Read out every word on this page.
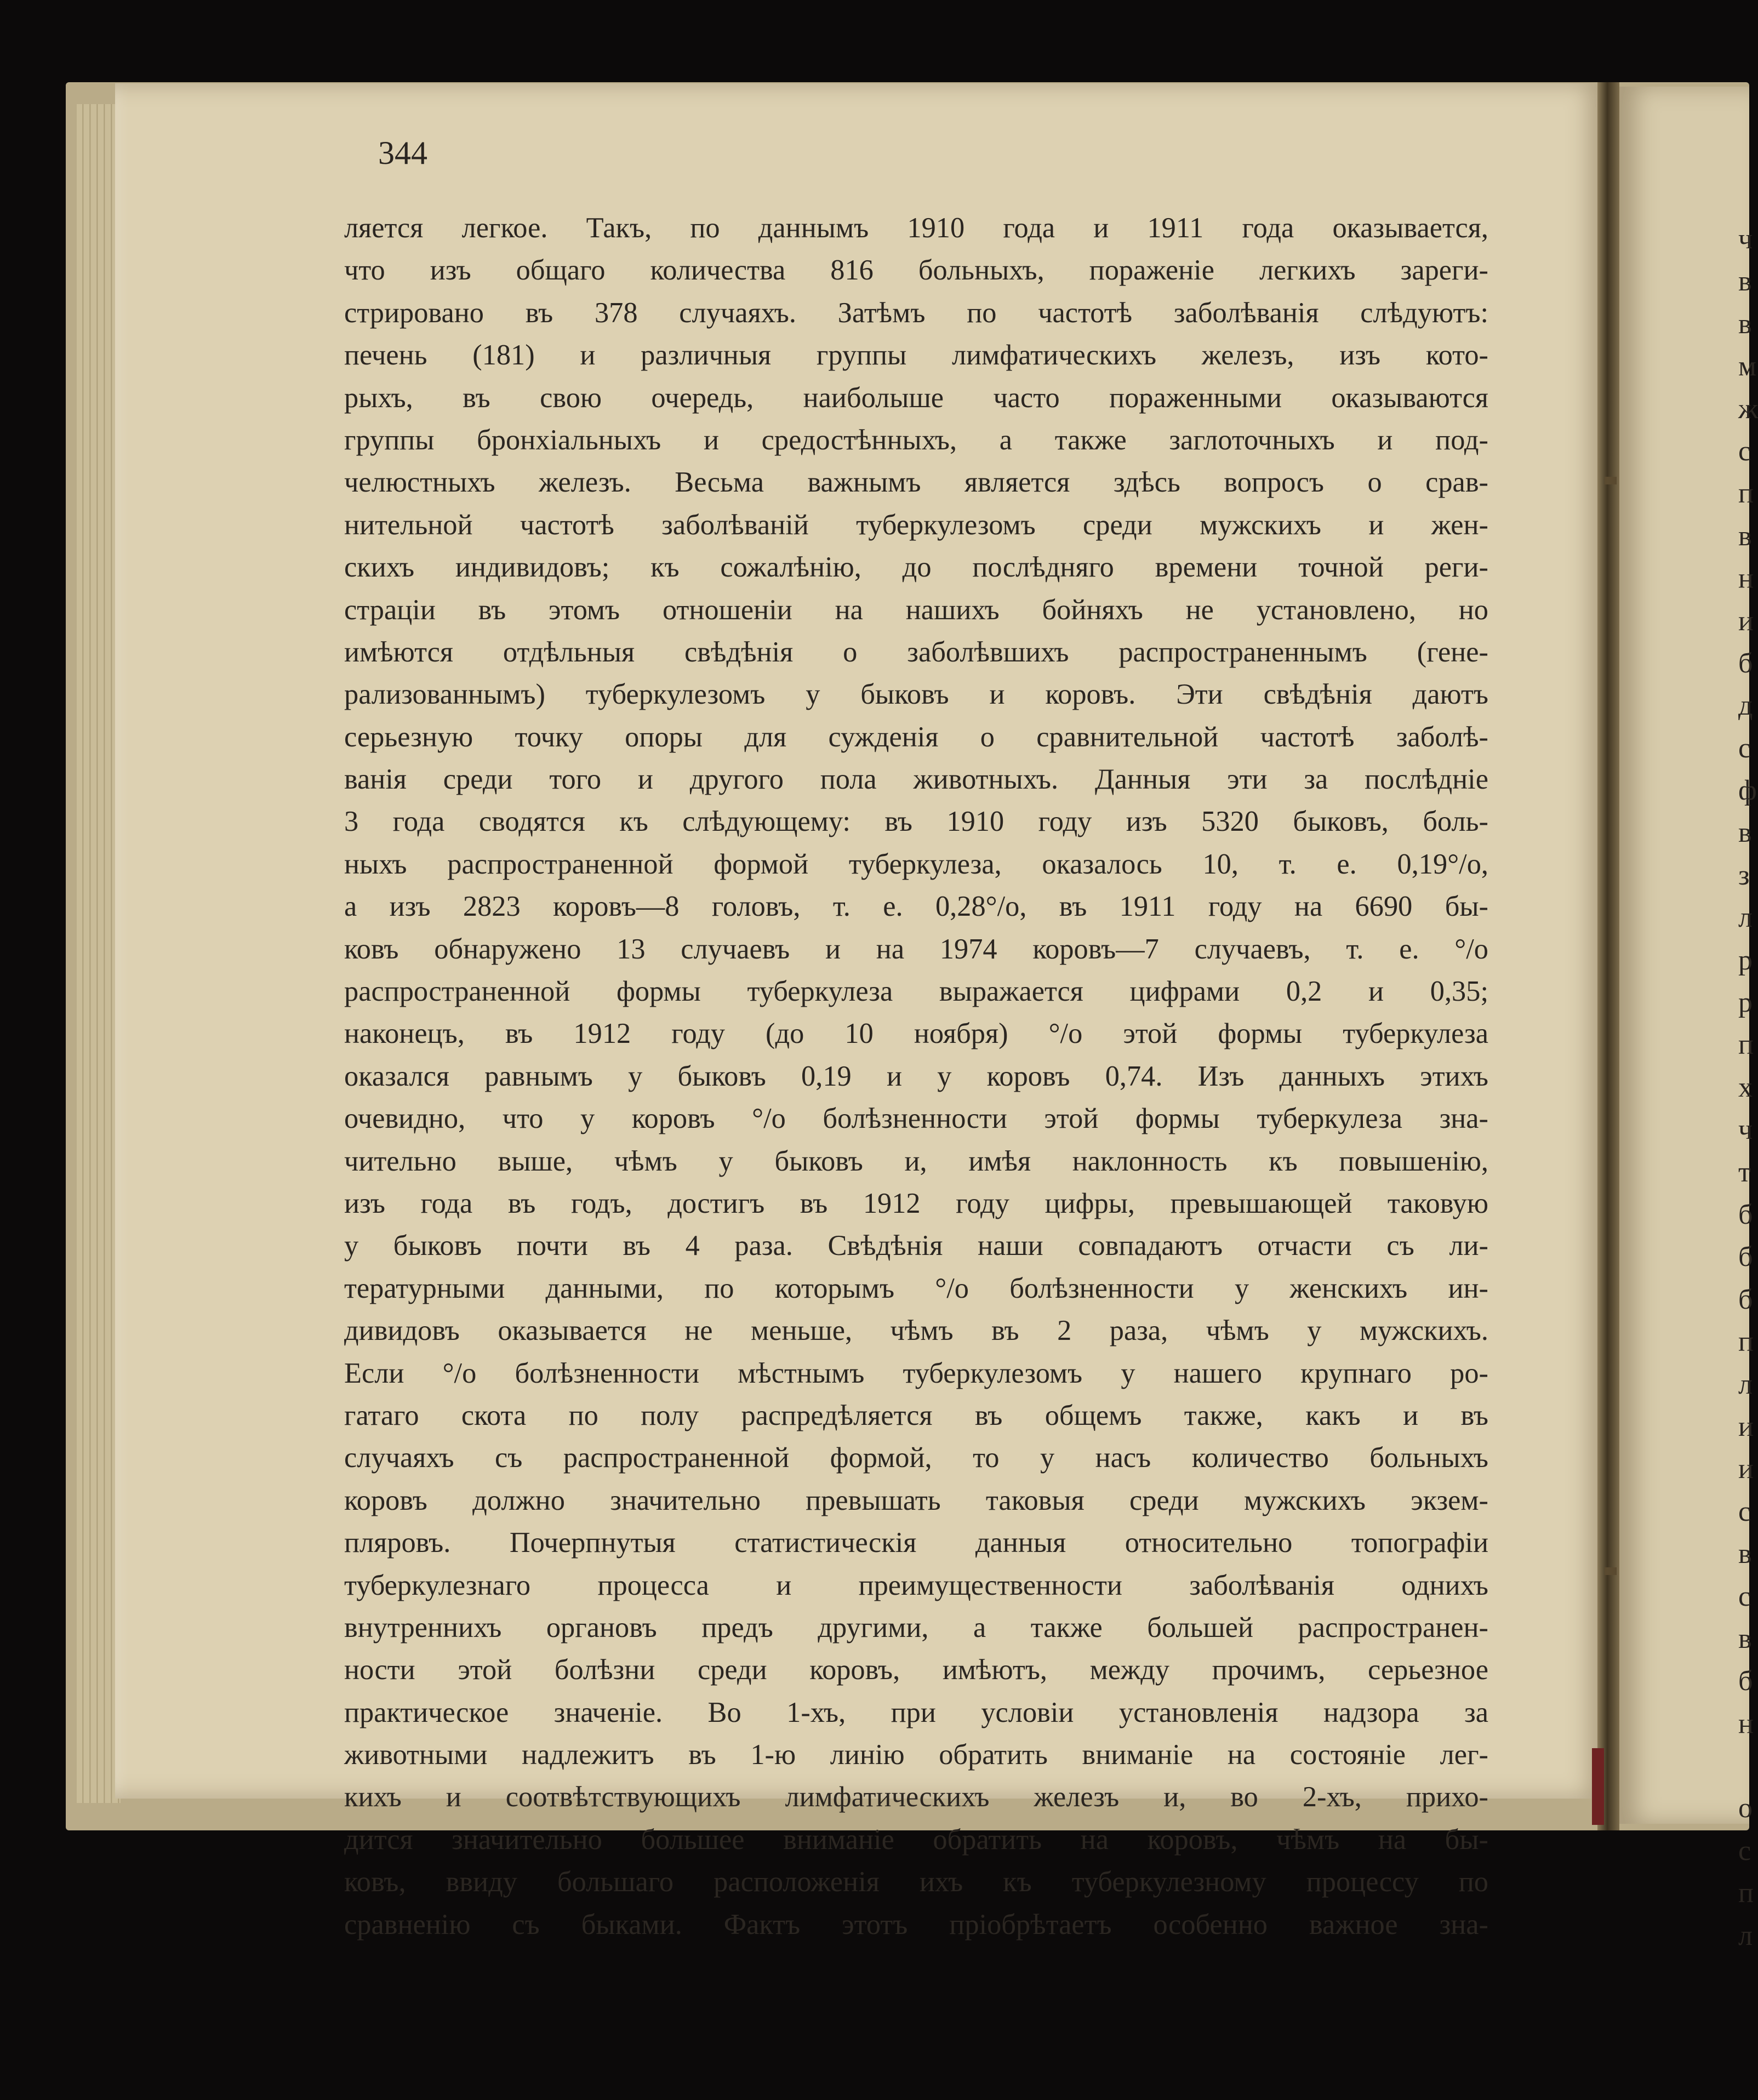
344
ляется легкое. Такъ, по даннымъ 1910 года и 1911 года оказывается,
что изъ общаго количества 816 больныхъ, пораженіе легкихъ зареги-
стрировано въ 378 случаяхъ. Затѣмъ по частотѣ заболѣванія слѣдуютъ:
печень (181) и различныя группы лимфатическихъ железъ, изъ кото-
рыхъ, въ свою очередь, наиболыше часто пораженными оказываются
группы бронхіальныхъ и средостѣнныхъ, а также заглоточныхъ и под-
челюстныхъ железъ. Весьма важнымъ является здѣсь вопросъ о срав-
нительной частотѣ заболѣваній туберкулезомъ среди мужскихъ и жен-
скихъ индивидовъ; къ сожалѣнію, до послѣдняго времени точной реги-
страціи въ этомъ отношеніи на нашихъ бойняхъ не установлено, но
имѣются отдѣльныя свѣдѣнія о заболѣвшихъ распространеннымъ (гене-
рализованнымъ) туберкулезомъ у быковъ и коровъ. Эти свѣдѣнія даютъ
серьезную точку опоры для сужденія о сравнительной частотѣ заболѣ-
ванія среди того и другого пола животныхъ. Данныя эти за послѣдніе
3 года сводятся къ слѣдующему: въ 1910 году изъ 5320 быковъ, боль-
ныхъ распространенной формой туберкулеза, оказалось 10, т. е. 0,19°/о,
а изъ 2823 коровъ—8 головъ, т. е. 0,28°/о, въ 1911 году на 6690 бы-
ковъ обнаружено 13 случаевъ и на 1974 коровъ—7 случаевъ, т. е. °/о
распространенной формы туберкулеза выражается цифрами 0,2 и 0,35;
наконецъ, въ 1912 году (до 10 ноября) °/о этой формы туберкулеза
оказался равнымъ у быковъ 0,19 и у коровъ 0,74. Изъ данныхъ этихъ
очевидно, что у коровъ °/о болѣзненности этой формы туберкулеза зна-
чительно выше, чѣмъ у быковъ и, имѣя наклонность къ повышенію,
изъ года въ годъ, достигъ въ 1912 году цифры, превышающей таковую
у быковъ почти въ 4 раза. Свѣдѣнія наши совпадаютъ отчасти съ ли-
тературными данными, по которымъ °/о болѣзненности у женскихъ ин-
дивидовъ оказывается не меньше, чѣмъ въ 2 раза, чѣмъ у мужскихъ.
Если °/о болѣзненности мѣстнымъ туберкулезомъ у нашего крупнаго ро-
гатаго скота по полу распредѣляется въ общемъ также, какъ и въ
случаяхъ съ распространенной формой, то у насъ количество больныхъ
коровъ должно значительно превышать таковыя среди мужскихъ экзем-
пляровъ. Почерпнутыя статистическія данныя относительно топографіи
туберкулезнаго процесса и преимущественности заболѣванія однихъ
внутреннихъ органовъ предъ другими, а также большей распространен-
ности этой болѣзни среди коровъ, имѣютъ, между прочимъ, серьезное
практическое значеніе. Во 1-хъ, при условіи установленія надзора за
животными надлежитъ въ 1-ю линію обратить вниманіе на состояніе лег-
кихъ и соотвѣтствующихъ лимфатическихъ железъ и, во 2-хъ, прихо-
дится значительно большее вниманіе обратить на коровъ, чѣмъ на бы-
ковъ, ввиду большаго расположенія ихъ къ туберкулезному процессу по
сравненію съ быками. Фактъ этотъ пріобрѣтаетъ особенно важное зна-
ч
в
в
м
ж
с
п
в
н
и
б
д
с
ф
в
з
л
р
р
п
х
ч
т
б
б
б
п
л
и
и
с
в
с
в
б
н
о
с
п
л
